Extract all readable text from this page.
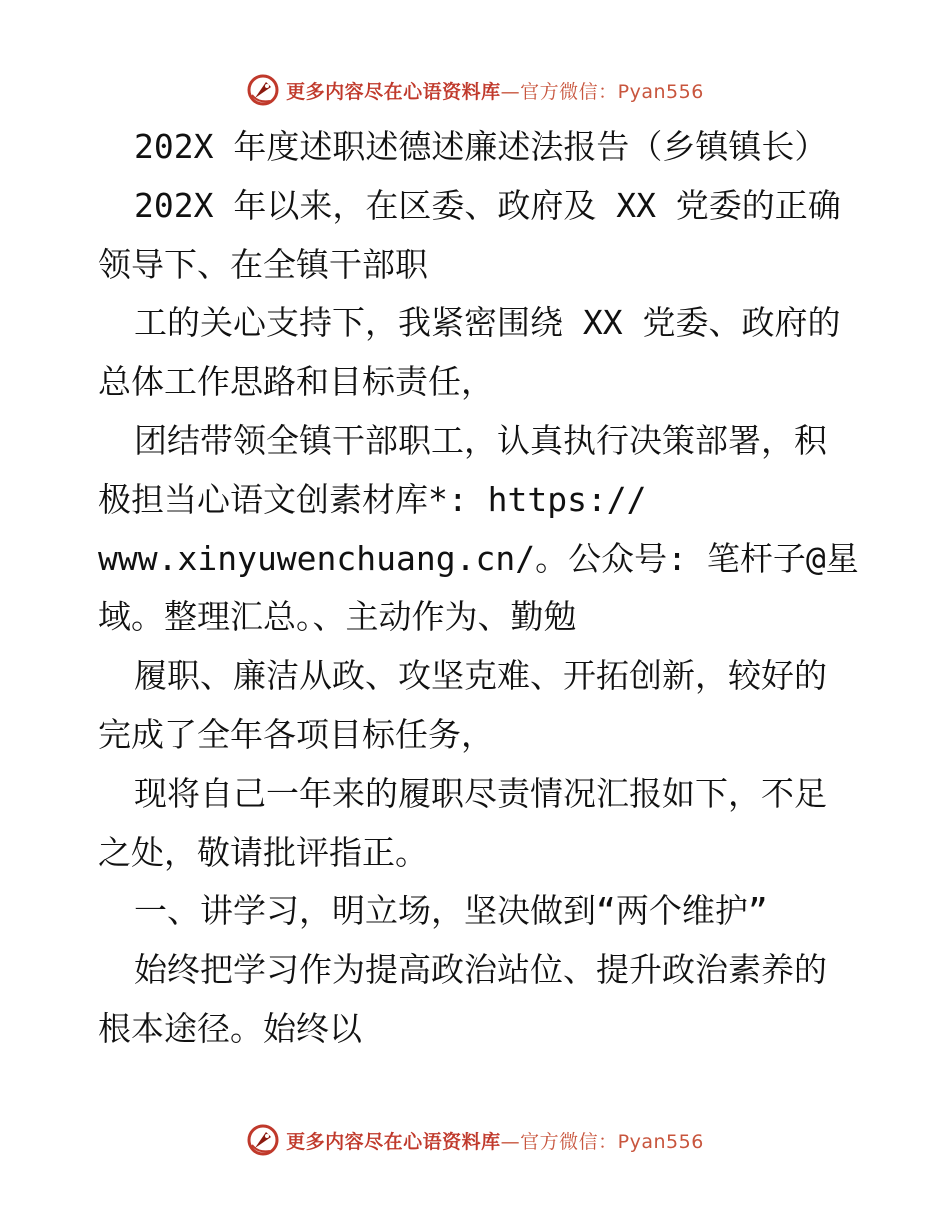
更多内容尽在心语资料库—官方微信：Pyan556
202X 年度述职述德述廉述法报告（乡镇镇长）
202X 年以来，在区委、政府及 XX 党委的正确
领导下、在全镇干部职
工的关心支持下，我紧密围绕 XX 党委、政府的
总体工作思路和目标责任，
团结带领全镇干部职工，认真执行决策部署，积
极担当心语文创素材库*: https://
www.xinyuwenchuang.cn/。公众号: 笔杆子@星
域。整理汇总。、主动作为、勤勉
履职、廉洁从政、攻坚克难、开拓创新，较好的
完成了全年各项目标任务，
现将自己一年来的履职尽责情况汇报如下，不足
之处，敬请批评指正。
一、讲学习，明立场，坚决做到“两个维护”
始终把学习作为提高政治站位、提升政治素养的
根本途径。始终以
更多内容尽在心语资料库—官方微信：Pyan556
